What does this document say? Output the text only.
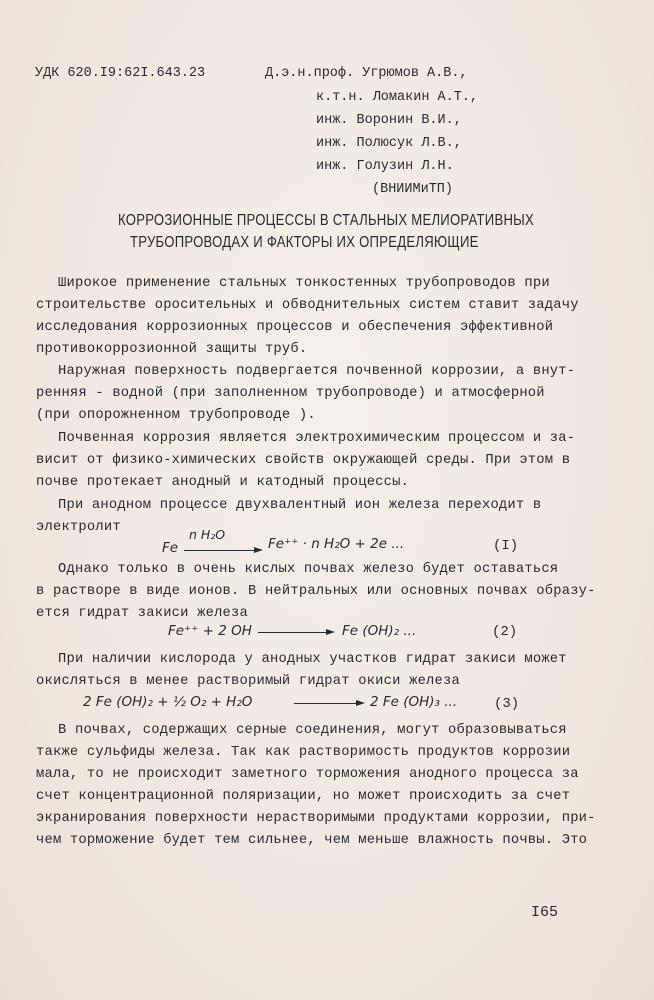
УДК 620.I9:62I.643.23	Д.э.н.проф. Угрюмов А.В.,
к.т.н. Ломакин А.Т.,
инж. Воронин В.И.,
инж. Полюсук Л.В.,
инж. Голузин Л.Н.
(ВНИИМиТП)
КОРРОЗИОННЫЕ ПРОЦЕССЫ В СТАЛЬНЫХ МЕЛИОРАТИВНЫХ
ТРУБОПРОВОДАХ И ФАКТОРЫ ИХ ОПРЕДЕЛЯЮЩИЕ
Широкое применение стальных тонкостенных трубопроводов при
строительстве оросительных и обводнительных систем ставит задачу
исследования коррозионных процессов и обеспечения эффективной
противокоррозионной защиты труб.
Наружная поверхность подвергается почвенной коррозии, а внут-
ренняя - водной (при заполненном трубопроводе) и атмосферной
(при опорожненном трубопроводе ).
Почвенная коррозия является электрохимическим процессом и за-
висит от физико-химических свойств окружающей среды. При этом в
почве протекает анодный и катодный процессы.
При анодном процессе двухвалентный ион железа переходит в
электролит
Fe
n H₂O
Fe⁺⁺ · n H₂O + 2e ...	(I)
Однако только в очень кислых почвах железо будет оставаться
в растворе в виде ионов. В нейтральных или основных почвах образу-
ется гидрат закиси железа
Fe⁺⁺ + 2 OH	Fe (OH)₂ ...	(2)
При наличии кислорода у анодных участков гидрат закиси может
окисляться в менее растворимый гидрат окиси железа
2 Fe (OH)₂ + ½ O₂ + H₂O	2 Fe (OH)₃ ...	(3)
В почвах, содержащих серные соединения, могут образовываться
также сульфиды железа. Так как растворимость продуктов коррозии
мала, то не происходит заметного торможения анодного процесса за
счет концентрационной поляризации, но может происходить за счет
экранирования поверхности нерастворимыми продуктами коррозии, при-
чем торможение будет тем сильнее, чем меньше влажность почвы. Это
I65
